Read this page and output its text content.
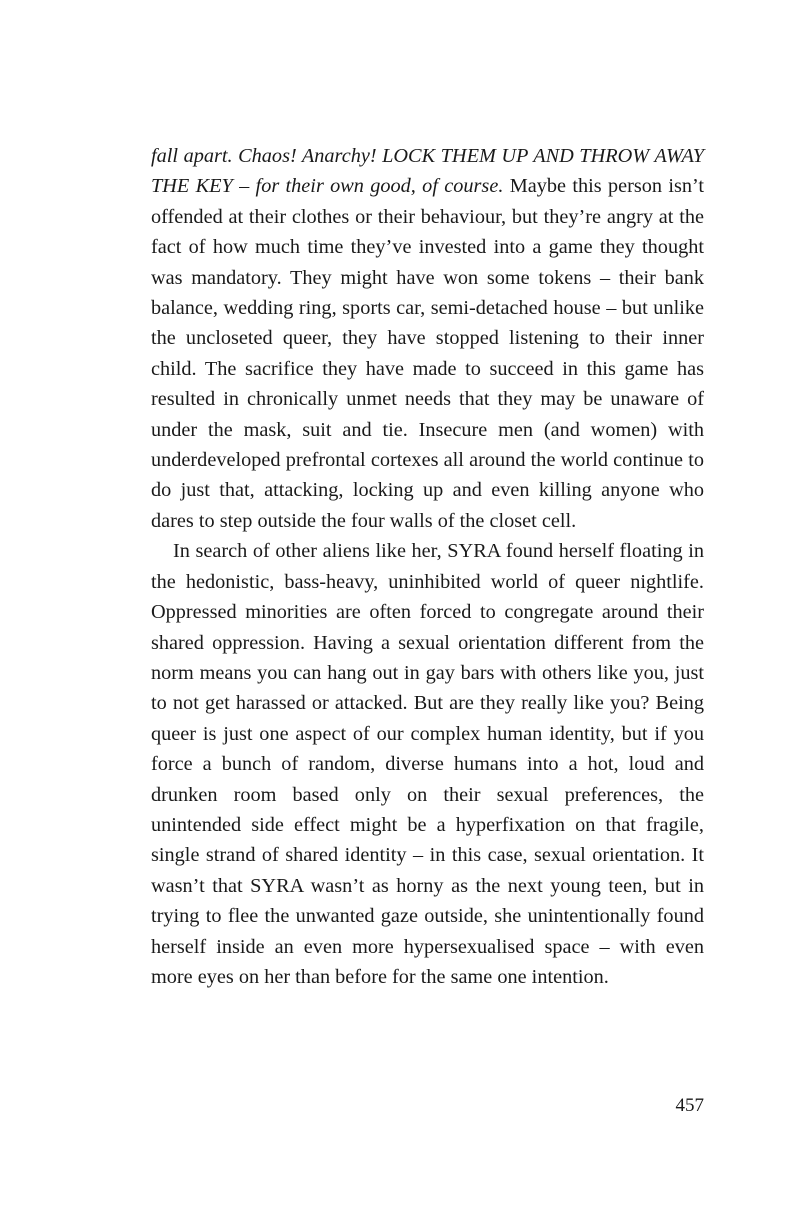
fall apart. Chaos! Anarchy! LOCK THEM UP AND THROW AWAY THE KEY – for their own good, of course. Maybe this person isn’t offended at their clothes or their behaviour, but they’re angry at the fact of how much time they’ve invested into a game they thought was mandatory. They might have won some tokens – their bank balance, wedding ring, sports car, semi-detached house – but unlike the uncloseted queer, they have stopped listening to their inner child. The sacrifice they have made to succeed in this game has resulted in chronically unmet needs that they may be unaware of under the mask, suit and tie. Insecure men (and women) with underdeveloped prefrontal cortexes all around the world continue to do just that, attacking, locking up and even killing anyone who dares to step outside the four walls of the closet cell.

In search of other aliens like her, SYRA found herself floating in the hedonistic, bass-heavy, uninhibited world of queer nightlife. Oppressed minorities are often forced to congregate around their shared oppression. Having a sexual orientation different from the norm means you can hang out in gay bars with others like you, just to not get harassed or attacked. But are they really like you? Being queer is just one aspect of our complex human identity, but if you force a bunch of random, diverse humans into a hot, loud and drunken room based only on their sexual preferences, the unintended side effect might be a hyperfixation on that fragile, single strand of shared identity – in this case, sexual orientation. It wasn’t that SYRA wasn’t as horny as the next young teen, but in trying to flee the unwanted gaze outside, she unintentionally found herself inside an even more hypersexualised space – with even more eyes on her than before for the same one intention.

457
